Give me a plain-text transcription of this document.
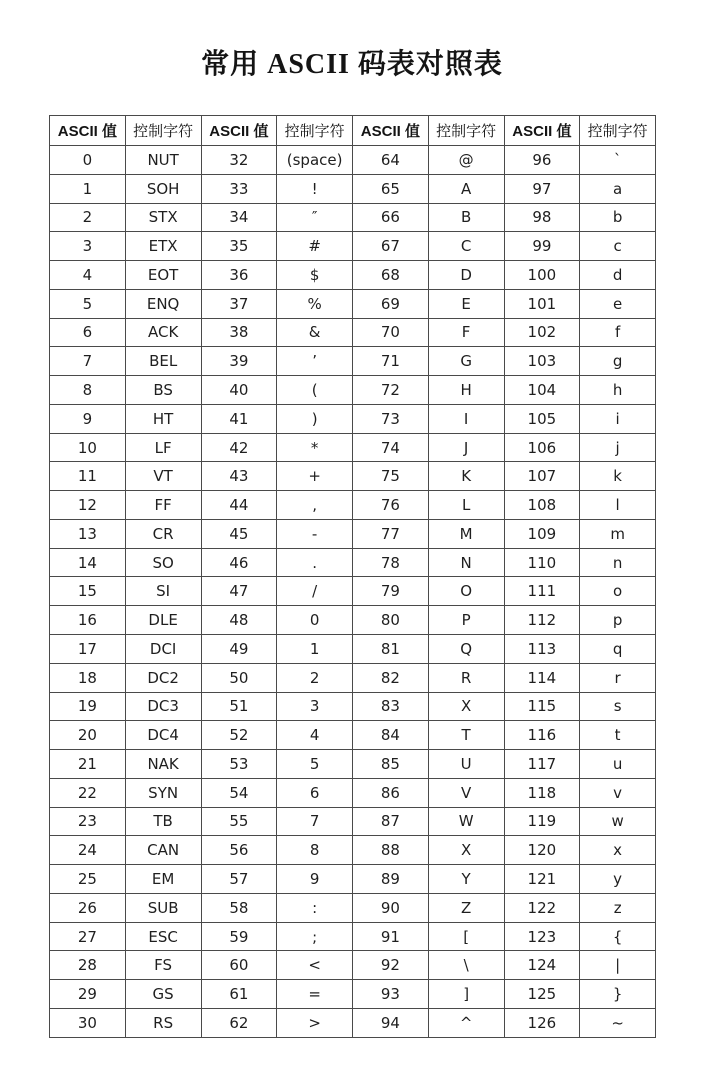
常用 ASCII 码表对照表
ASCII 值	控制字符	ASCII 值	控制字符	ASCII 值	控制字符	ASCII 值	控制字符
0	NUT	32	(space)	64	@	96	`
1	SOH	33	!	65	A	97	a
2	STX	34	″	66	B	98	b
3	ETX	35	#	67	C	99	c
4	EOT	36	$	68	D	100	d
5	ENQ	37	%	69	E	101	e
6	ACK	38	&	70	F	102	f
7	BEL	39	’	71	G	103	g
8	BS	40	(	72	H	104	h
9	HT	41	)	73	I	105	i
10	LF	42	*	74	J	106	j
11	VT	43	+	75	K	107	k
12	FF	44	,	76	L	108	l
13	CR	45	-	77	M	109	m
14	SO	46	.	78	N	110	n
15	SI	47	/	79	O	111	o
16	DLE	48	0	80	P	112	p
17	DCI	49	1	81	Q	113	q
18	DC2	50	2	82	R	114	r
19	DC3	51	3	83	X	115	s
20	DC4	52	4	84	T	116	t
21	NAK	53	5	85	U	117	u
22	SYN	54	6	86	V	118	v
23	TB	55	7	87	W	119	w
24	CAN	56	8	88	X	120	x
25	EM	57	9	89	Y	121	y
26	SUB	58	:	90	Z	122	z
27	ESC	59	;	91	[	123	{
28	FS	60	<	92	\	124	|
29	GS	61	=	93	]	125	}
30	RS	62	>	94	^	126	~
